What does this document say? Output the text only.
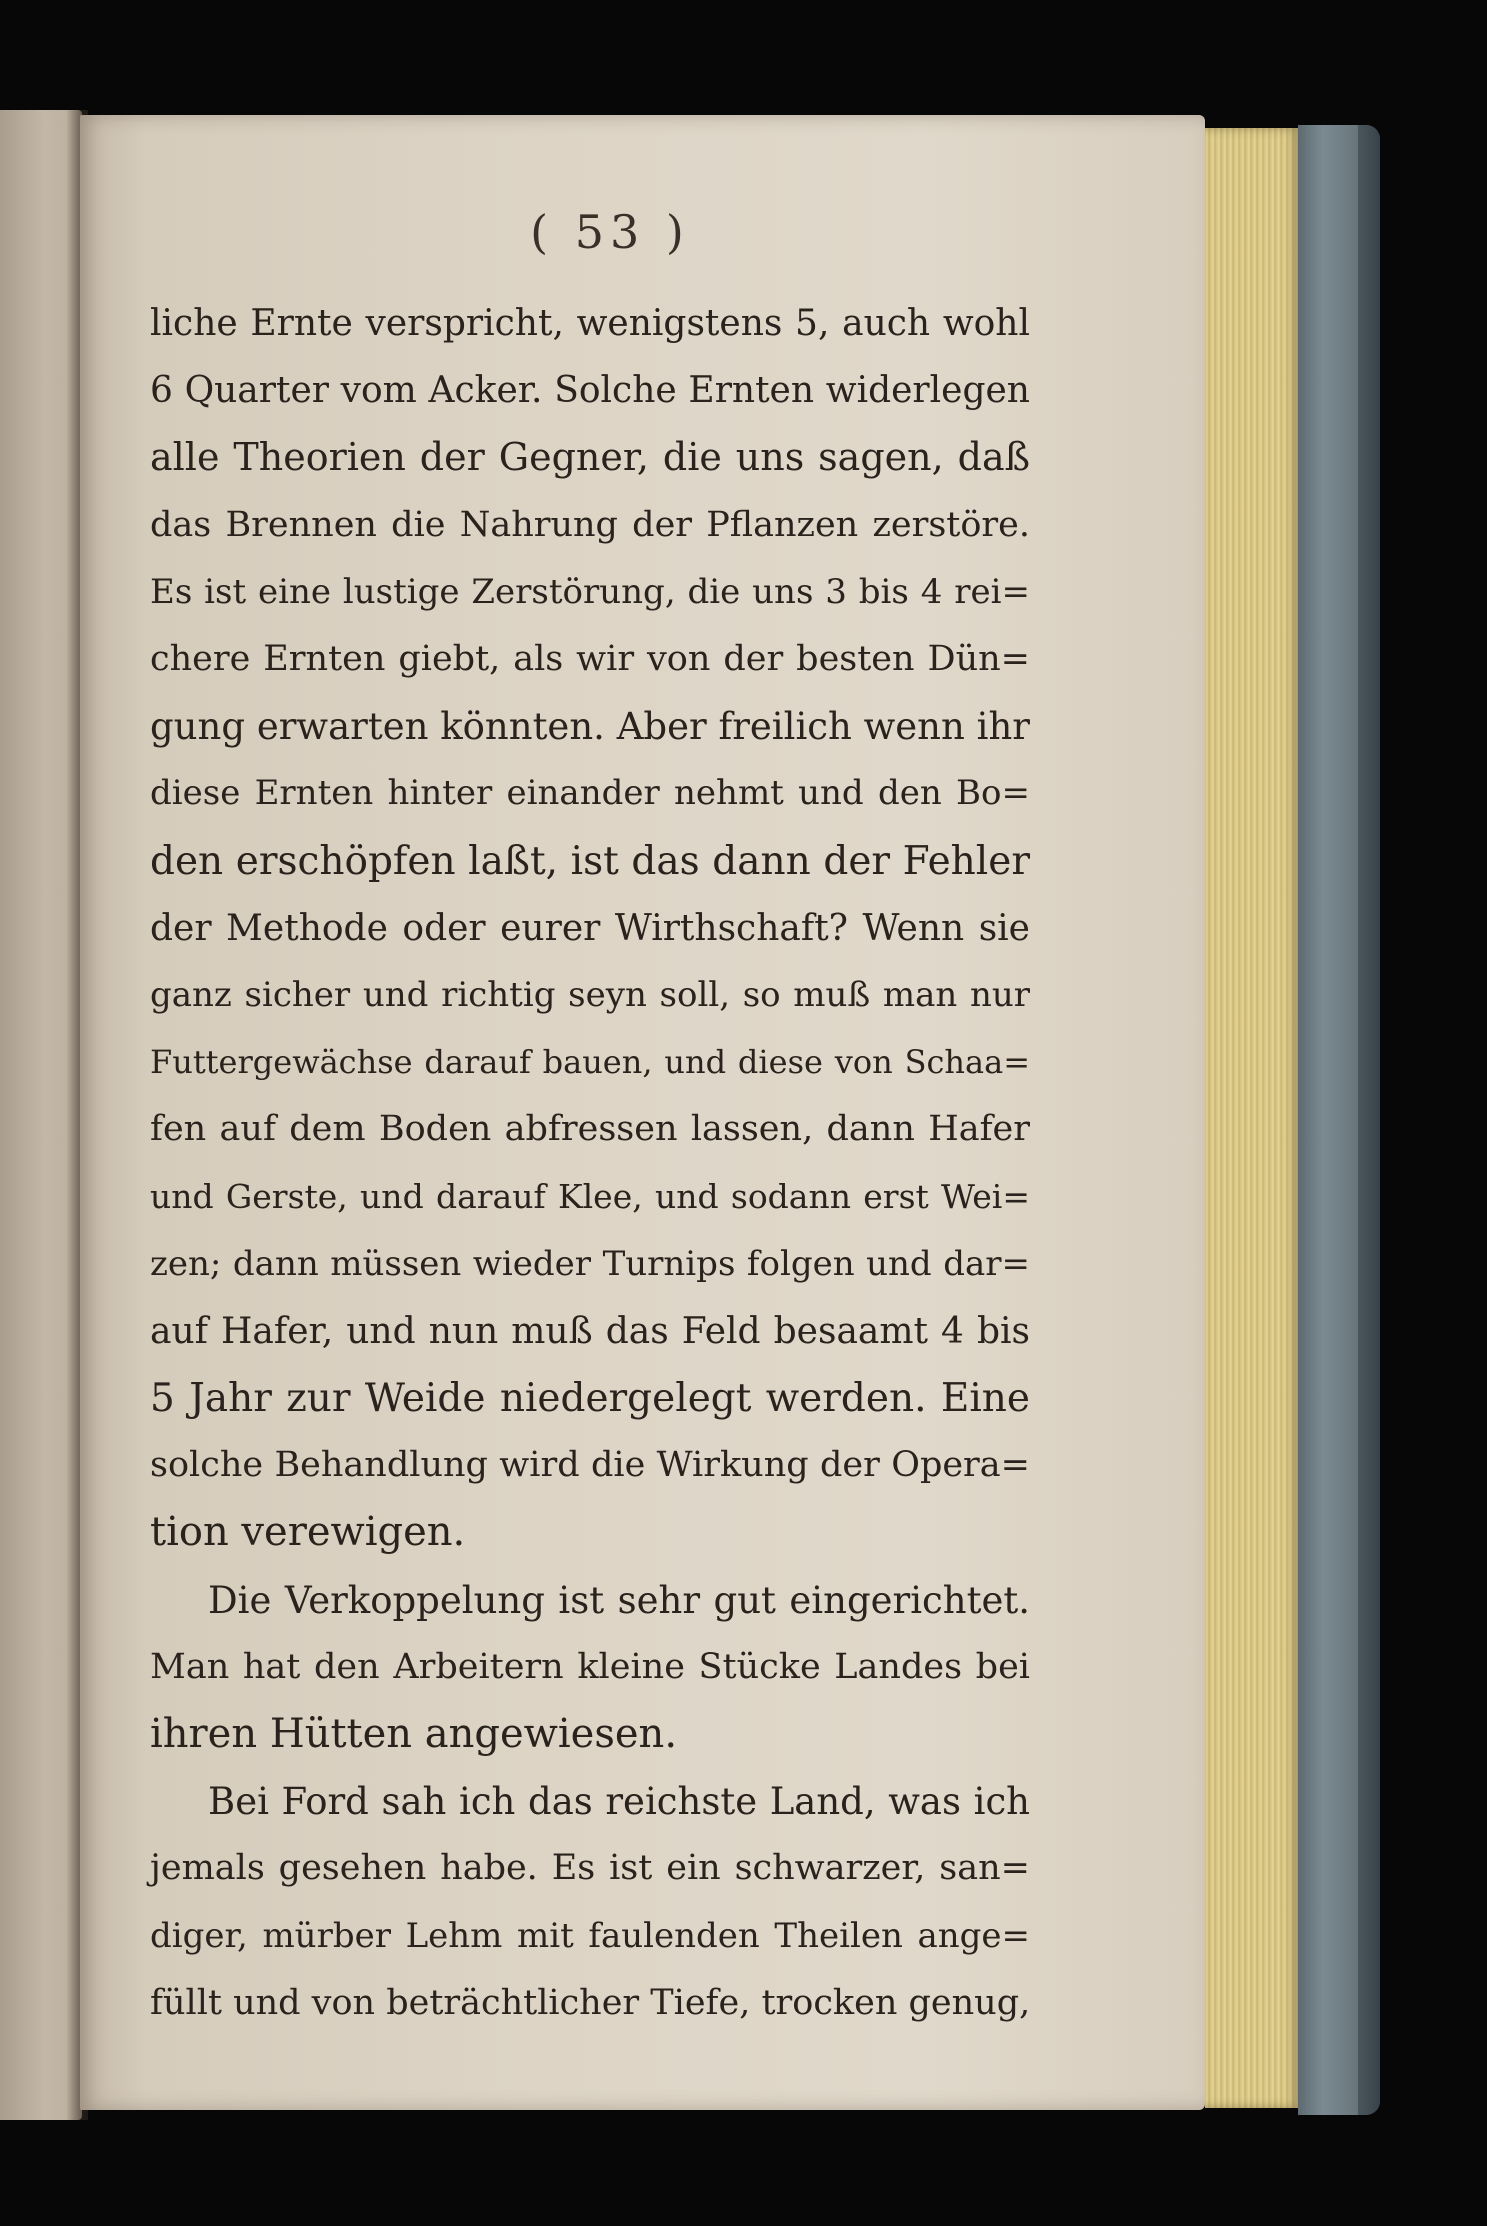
( 53 )
liche Ernte verspricht, wenigstens 5, auch wohl
6 Quarter vom Acker. Solche Ernten widerlegen
alle Theorien der Gegner, die uns sagen, daß
das Brennen die Nahrung der Pflanzen zerstöre.
Es ist eine lustige Zerstörung, die uns 3 bis 4 rei=
chere Ernten giebt, als wir von der besten Dün=
gung erwarten könnten. Aber freilich wenn ihr
diese Ernten hinter einander nehmt und den Bo=
den erschöpfen laßt, ist das dann der Fehler
der Methode oder eurer Wirthschaft? Wenn sie
ganz sicher und richtig seyn soll, so muß man nur
Futtergewächse darauf bauen, und diese von Schaa=
fen auf dem Boden abfressen lassen, dann Hafer
und Gerste, und darauf Klee, und sodann erst Wei=
zen; dann müssen wieder Turnips folgen und dar=
auf Hafer, und nun muß das Feld besaamt 4 bis
5 Jahr zur Weide niedergelegt werden. Eine
solche Behandlung wird die Wirkung der Opera=
tion verewigen.
Die Verkoppelung ist sehr gut eingerichtet.
Man hat den Arbeitern kleine Stücke Landes bei
ihren Hütten angewiesen.
Bei Ford sah ich das reichste Land, was ich
jemals gesehen habe. Es ist ein schwarzer, san=
diger, mürber Lehm mit faulenden Theilen ange=
füllt und von beträchtlicher Tiefe, trocken genug,
